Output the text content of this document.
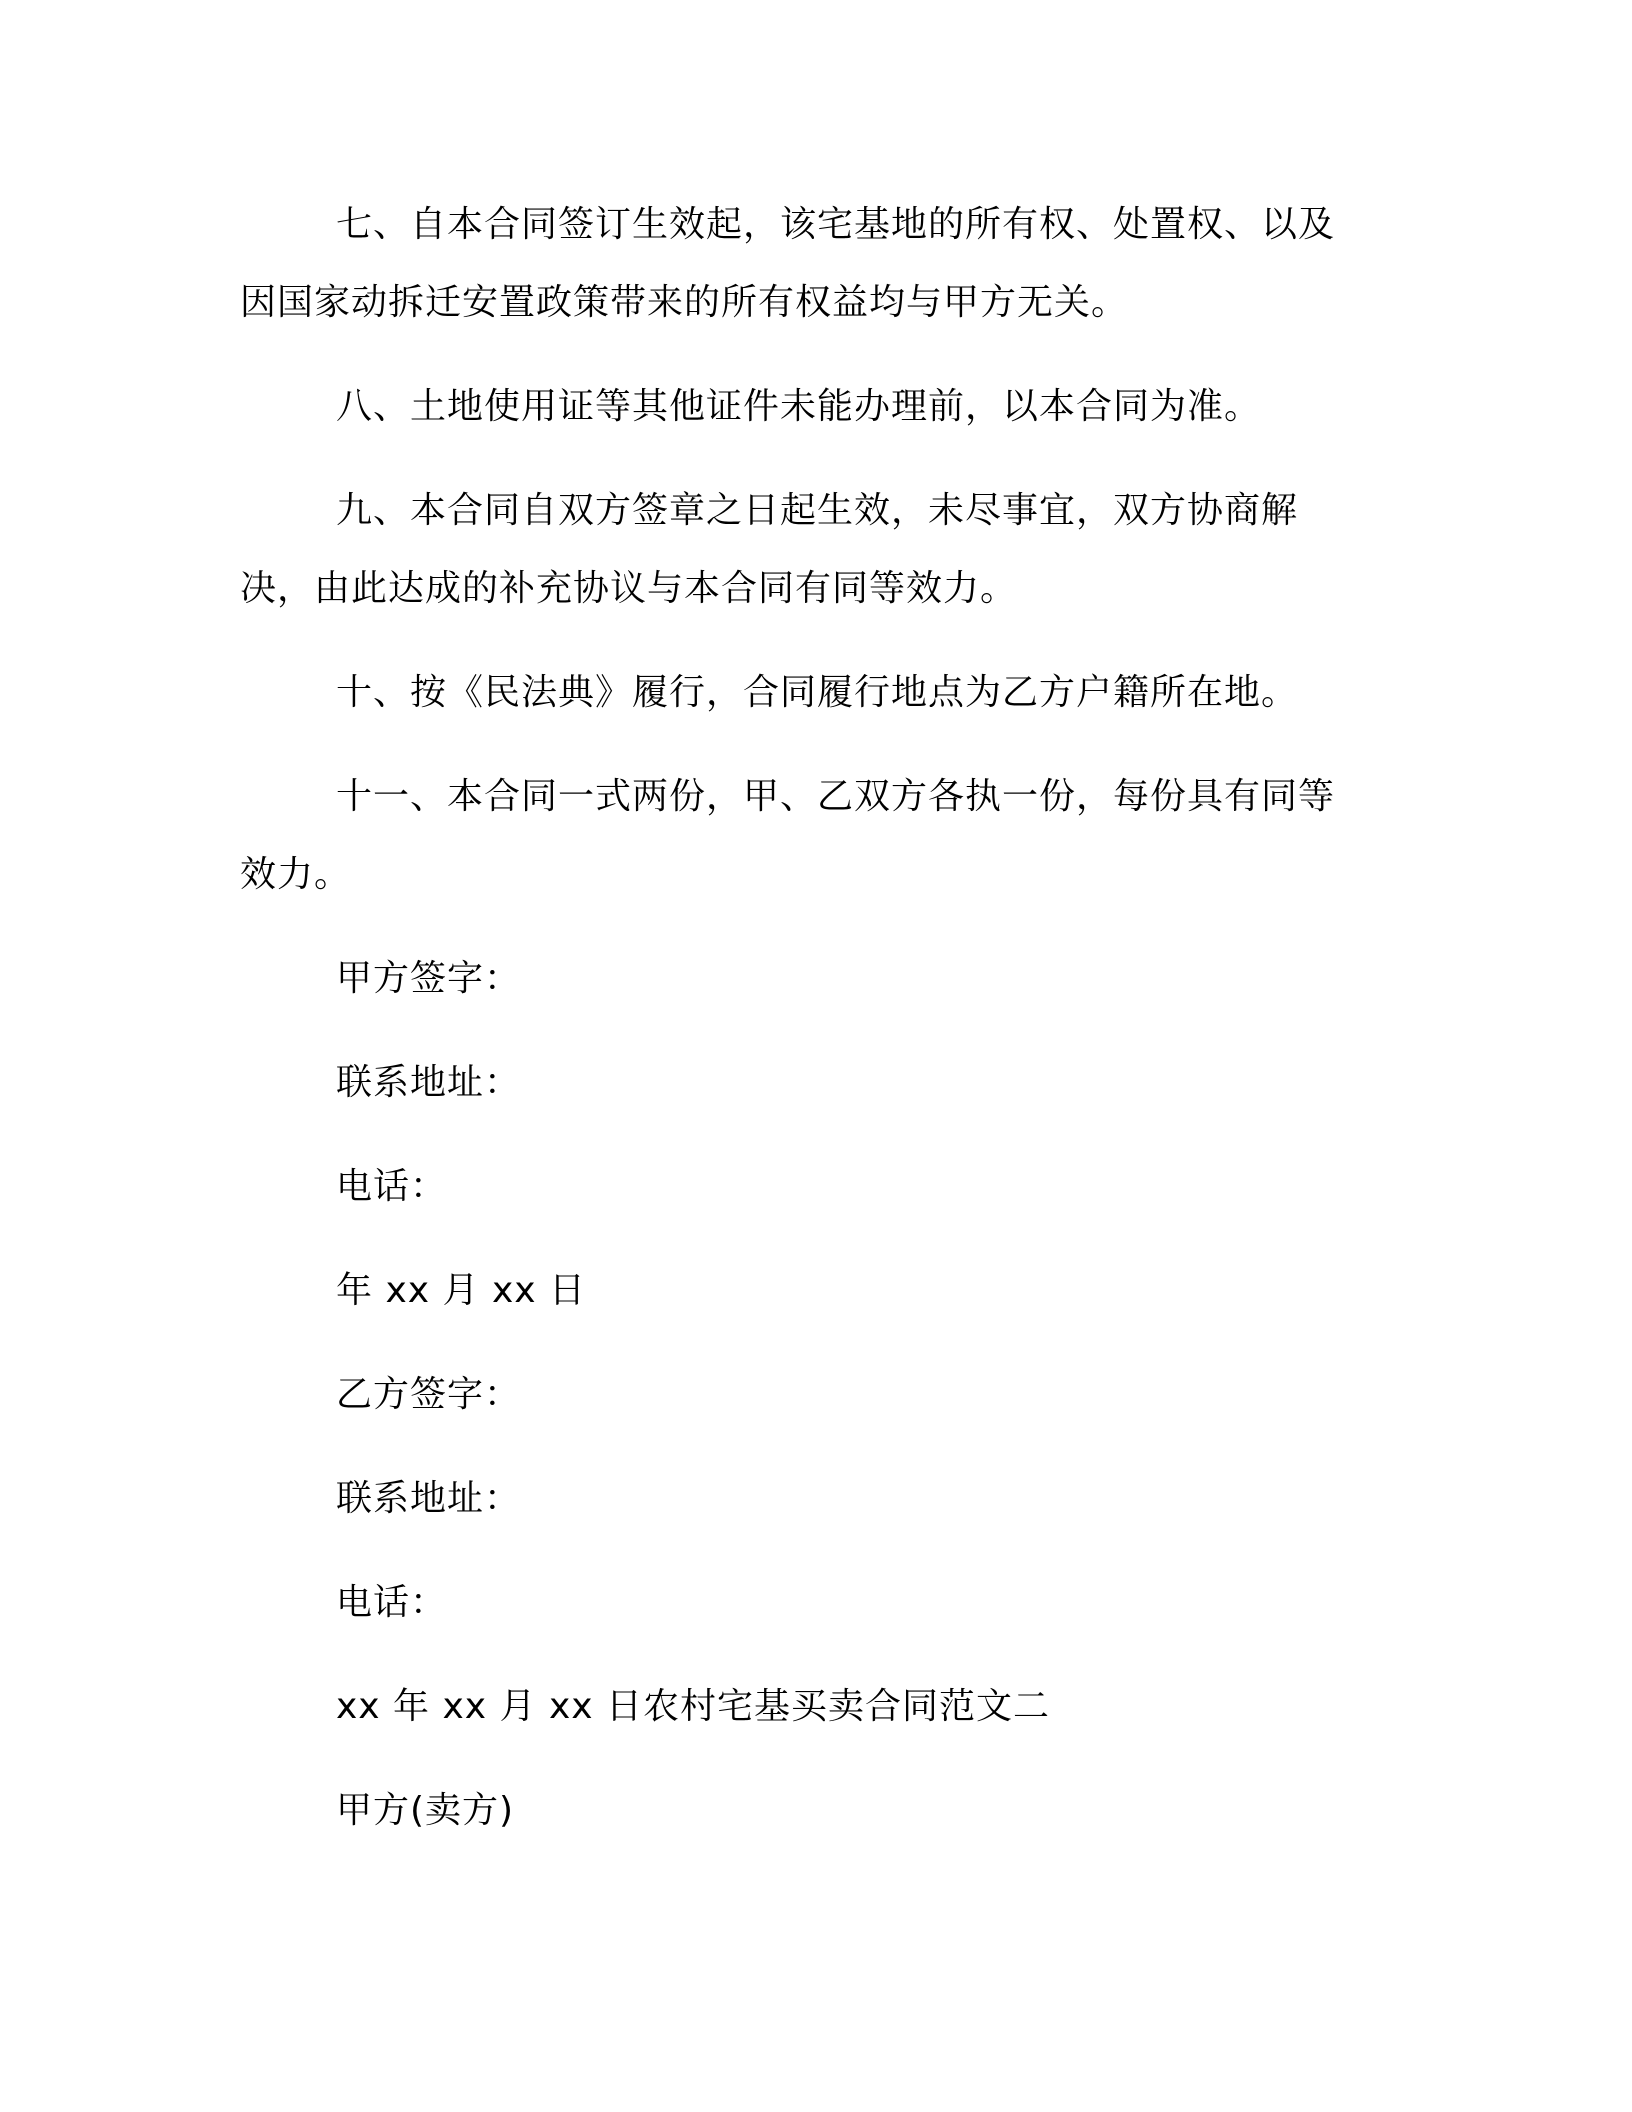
七、自本合同签订生效起，该宅基地的所有权、处置权、以及因国家动拆迁安置政策带来的所有权益均与甲方无关。

八、土地使用证等其他证件未能办理前，以本合同为准。

九、本合同自双方签章之日起生效，未尽事宜，双方协商解决，由此达成的补充协议与本合同有同等效力。

十、按《民法典》履行，合同履行地点为乙方户籍所在地。

十一、本合同一式两份，甲、乙双方各执一份，每份具有同等效力。

甲方签字：
联系地址：
电话：
年 xx 月 xx 日
乙方签字：
联系地址：
电话：
xx 年 xx 月 xx 日农村宅基买卖合同范文二
甲方(卖方)
